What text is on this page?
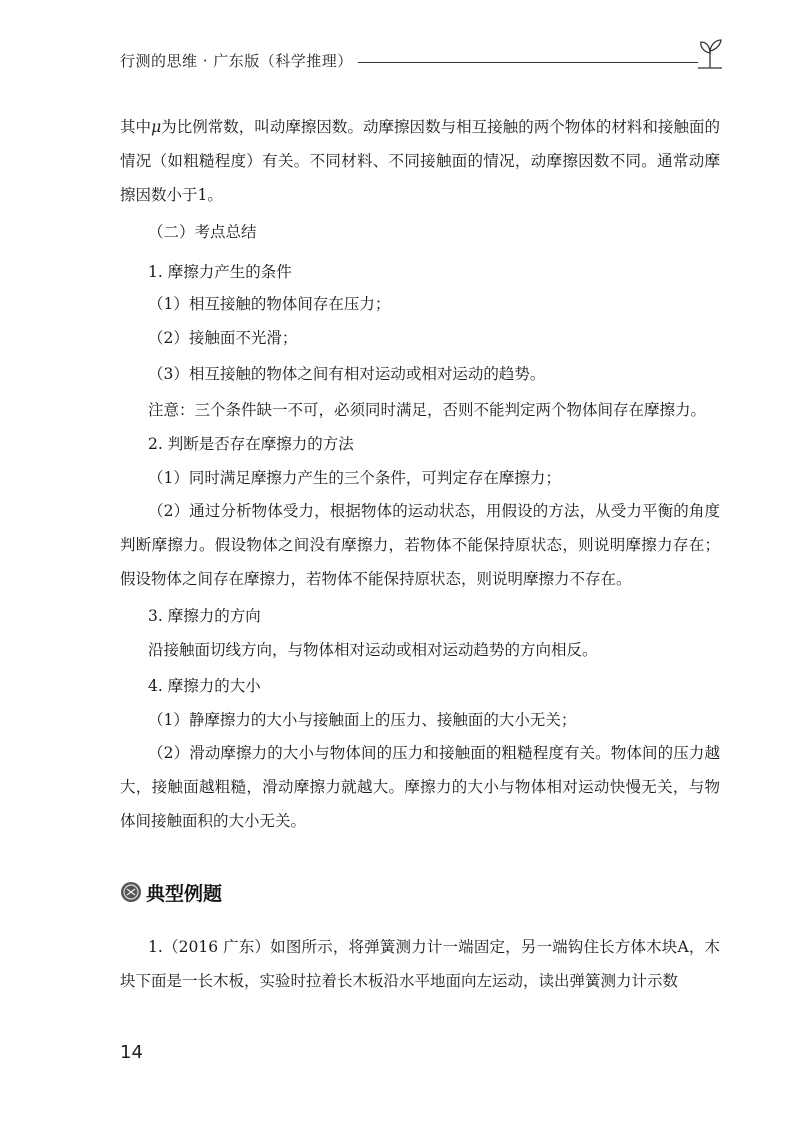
行测的思维 · 广东版（科学推理）

其中μ为比例常数，叫动摩擦因数。动摩擦因数与相互接触的两个物体的材料和接触面的情况（如粗糙程度）有关。不同材料、不同接触面的情况，动摩擦因数不同。通常动摩擦因数小于1。

（二）考点总结

1. 摩擦力产生的条件

（1）相互接触的物体间存在压力；

（2）接触面不光滑；

（3）相互接触的物体之间有相对运动或相对运动的趋势。

注意：三个条件缺一不可，必须同时满足，否则不能判定两个物体间存在摩擦力。

2. 判断是否存在摩擦力的方法

（1）同时满足摩擦力产生的三个条件，可判定存在摩擦力；

（2）通过分析物体受力，根据物体的运动状态，用假设的方法，从受力平衡的角度判断摩擦力。假设物体之间没有摩擦力，若物体不能保持原状态，则说明摩擦力存在；假设物体之间存在摩擦力，若物体不能保持原状态，则说明摩擦力不存在。

3. 摩擦力的方向

沿接触面切线方向，与物体相对运动或相对运动趋势的方向相反。

4. 摩擦力的大小

（1）静摩擦力的大小与接触面上的压力、接触面的大小无关；

（2）滑动摩擦力的大小与物体间的压力和接触面的粗糙程度有关。物体间的压力越大，接触面越粗糙，滑动摩擦力就越大。摩擦力的大小与物体相对运动快慢无关，与物体间接触面积的大小无关。

典型例题

1.（2016 广东）如图所示，将弹簧测力计一端固定，另一端钩住长方体木块A，木块下面是一长木板，实验时拉着长木板沿水平地面向左运动，读出弹簧测力计示数

14
